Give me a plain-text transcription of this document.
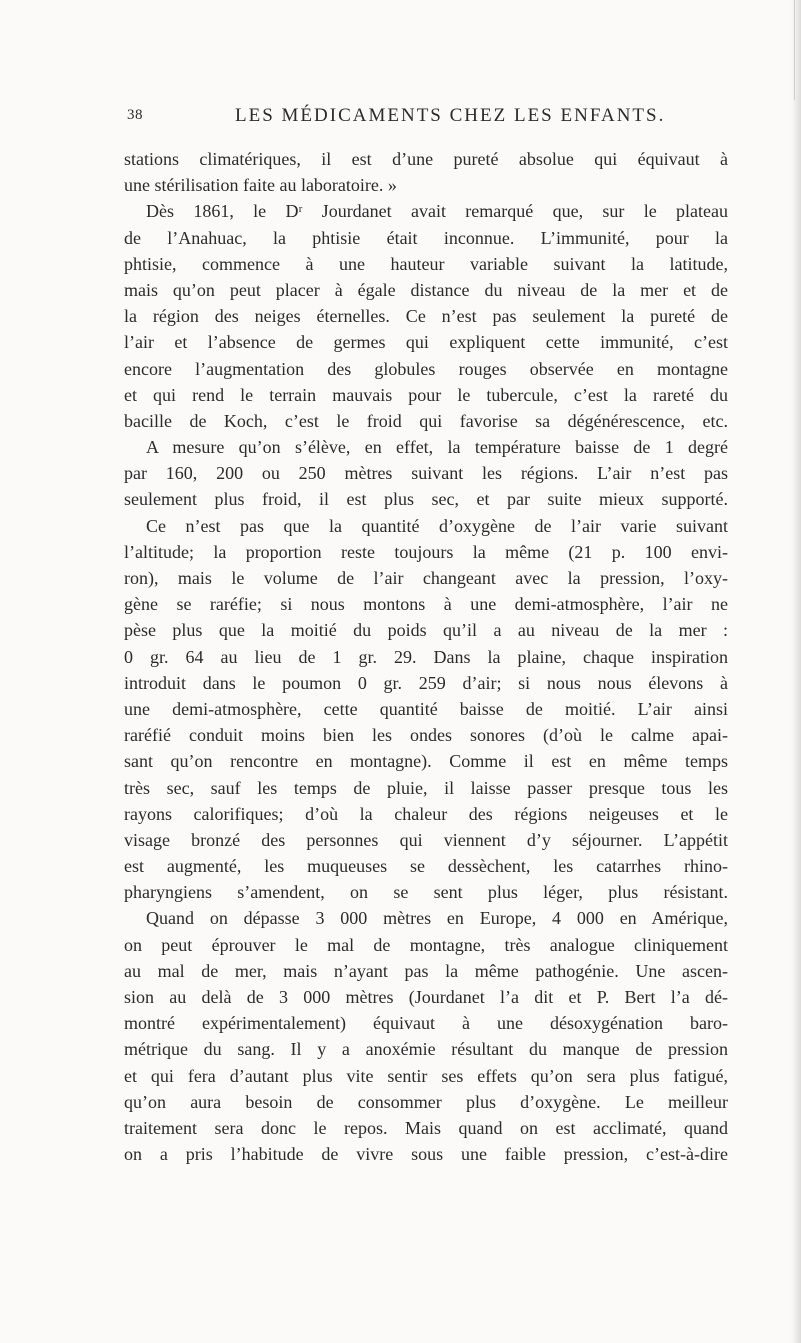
38	LES MÉDICAMENTS CHEZ LES ENFANTS.
stations climatériques, il est d’une pureté absolue qui équivaut à
une stérilisation faite au laboratoire. »
Dès 1861, le Dʳ Jourdanet avait remarqué que, sur le plateau
de l’Anahuac, la phtisie était inconnue. L’immunité, pour la
phtisie, commence à une hauteur variable suivant la latitude,
mais qu’on peut placer à égale distance du niveau de la mer et de
la région des neiges éternelles. Ce n’est pas seulement la pureté de
l’air et l’absence de germes qui expliquent cette immunité, c’est
encore l’augmentation des globules rouges observée en montagne
et qui rend le terrain mauvais pour le tubercule, c’est la rareté du
bacille de Koch, c’est le froid qui favorise sa dégénérescence, etc.
A mesure qu’on s’élève, en effet, la température baisse de 1 degré
par 160, 200 ou 250 mètres suivant les régions. L’air n’est pas
seulement plus froid, il est plus sec, et par suite mieux supporté.
Ce n’est pas que la quantité d’oxygène de l’air varie suivant
l’altitude; la proportion reste toujours la même (21 p. 100 envi-
ron), mais le volume de l’air changeant avec la pression, l’oxy-
gène se raréfie; si nous montons à une demi-atmosphère, l’air ne
pèse plus que la moitié du poids qu’il a au niveau de la mer :
0 gr. 64 au lieu de 1 gr. 29. Dans la plaine, chaque inspiration
introduit dans le poumon 0 gr. 259 d’air; si nous nous élevons à
une demi-atmosphère, cette quantité baisse de moitié. L’air ainsi
raréfié conduit moins bien les ondes sonores (d’où le calme apai-
sant qu’on rencontre en montagne). Comme il est en même temps
très sec, sauf les temps de pluie, il laisse passer presque tous les
rayons calorifiques; d’où la chaleur des régions neigeuses et le
visage bronzé des personnes qui viennent d’y séjourner. L’appétit
est augmenté, les muqueuses se dessèchent, les catarrhes rhino-
pharyngiens s’amendent, on se sent plus léger, plus résistant.
Quand on dépasse 3 000 mètres en Europe, 4 000 en Amérique,
on peut éprouver le mal de montagne, très analogue cliniquement
au mal de mer, mais n’ayant pas la même pathogénie. Une ascen-
sion au delà de 3 000 mètres (Jourdanet l’a dit et P. Bert l’a dé-
montré expérimentalement) équivaut à une désoxygénation baro-
métrique du sang. Il y a anoxémie résultant du manque de pression
et qui fera d’autant plus vite sentir ses effets qu’on sera plus fatigué,
qu’on aura besoin de consommer plus d’oxygène. Le meilleur
traitement sera donc le repos. Mais quand on est acclimaté, quand
on a pris l’habitude de vivre sous une faible pression, c’est-à-dire
